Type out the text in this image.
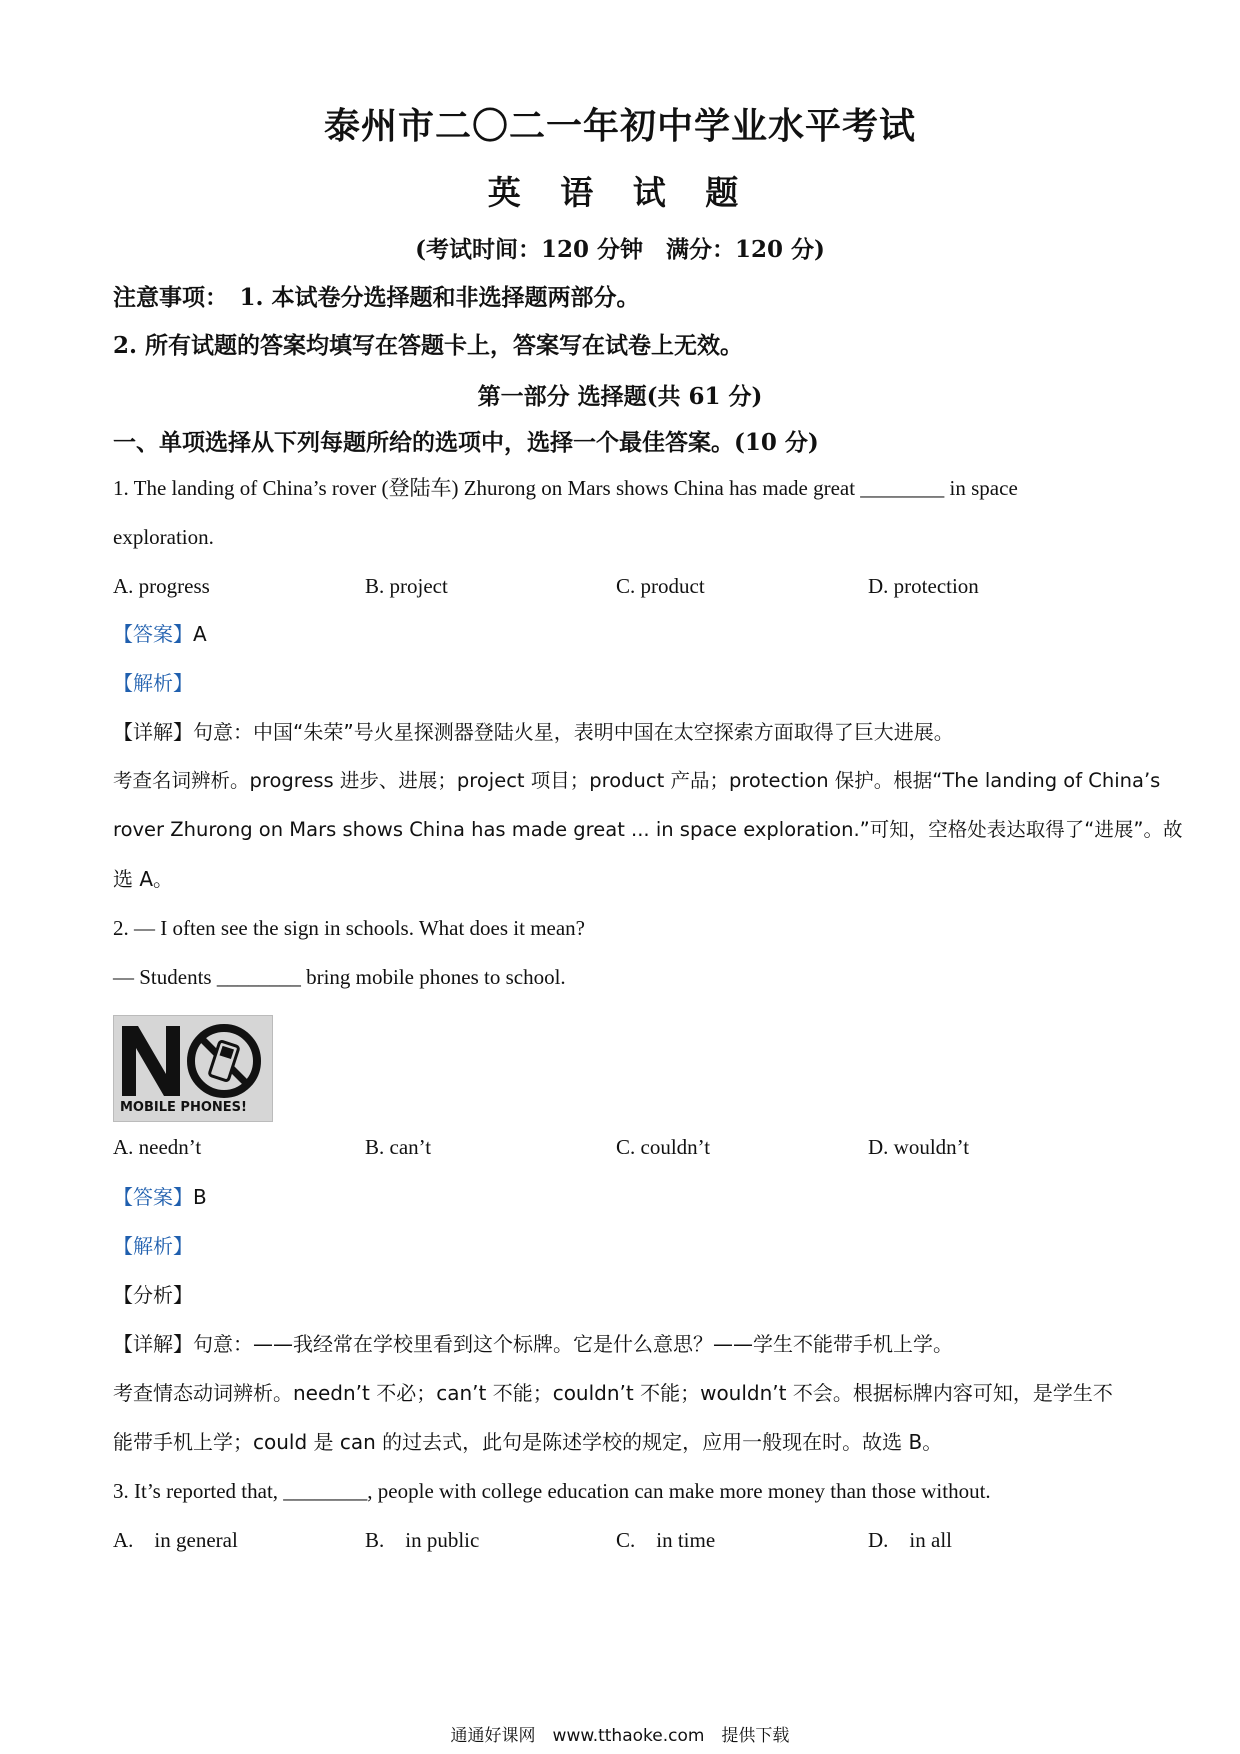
泰州市二〇二一年初中学业水平考试
英 语 试 题
(考试时间：120 分钟　满分：120 分)
注意事项：　1. 本试卷分选择题和非选择题两部分。
2. 所有试题的答案均填写在答题卡上，答案写在试卷上无效。
第一部分 选择题(共 61 分)
一、单项选择从下列每题所给的选项中，选择一个最佳答案。(10 分)
1. The landing of China’s rover (登陆车) Zhurong on Mars shows China has made great ________ in space
exploration.
A. progress	B. project	C. product	D. protection
【答案】A
【解析】
【详解】句意：中国“朱荣”号火星探测器登陆火星，表明中国在太空探索方面取得了巨大进展。
考查名词辨析。progress 进步、进展；project 项目；product 产品；protection 保护。根据“The landing of China’s
rover Zhurong on Mars shows China has made great ... in space exploration.”可知，空格处表达取得了“进展”。故
选 A。
2. — I often see the sign in schools. What does it mean?
— Students ________ bring mobile phones to school.
MOBILE PHONES!
A. needn’t	B. can’t	C. couldn’t	D. wouldn’t
【答案】B
【解析】
【分析】
【详解】句意：——我经常在学校里看到这个标牌。它是什么意思？——学生不能带手机上学。
考查情态动词辨析。needn’t 不必；can’t 不能；couldn’t 不能；wouldn’t 不会。根据标牌内容可知，是学生不
能带手机上学；could 是 can 的过去式，此句是陈述学校的规定，应用一般现在时。故选 B。
3. It’s reported that, ________, people with college education can make more money than those without.
A.　in general	B.　in public	C.　in time	D.　in all
通通好课网　www.tthaoke.com　提供下载
